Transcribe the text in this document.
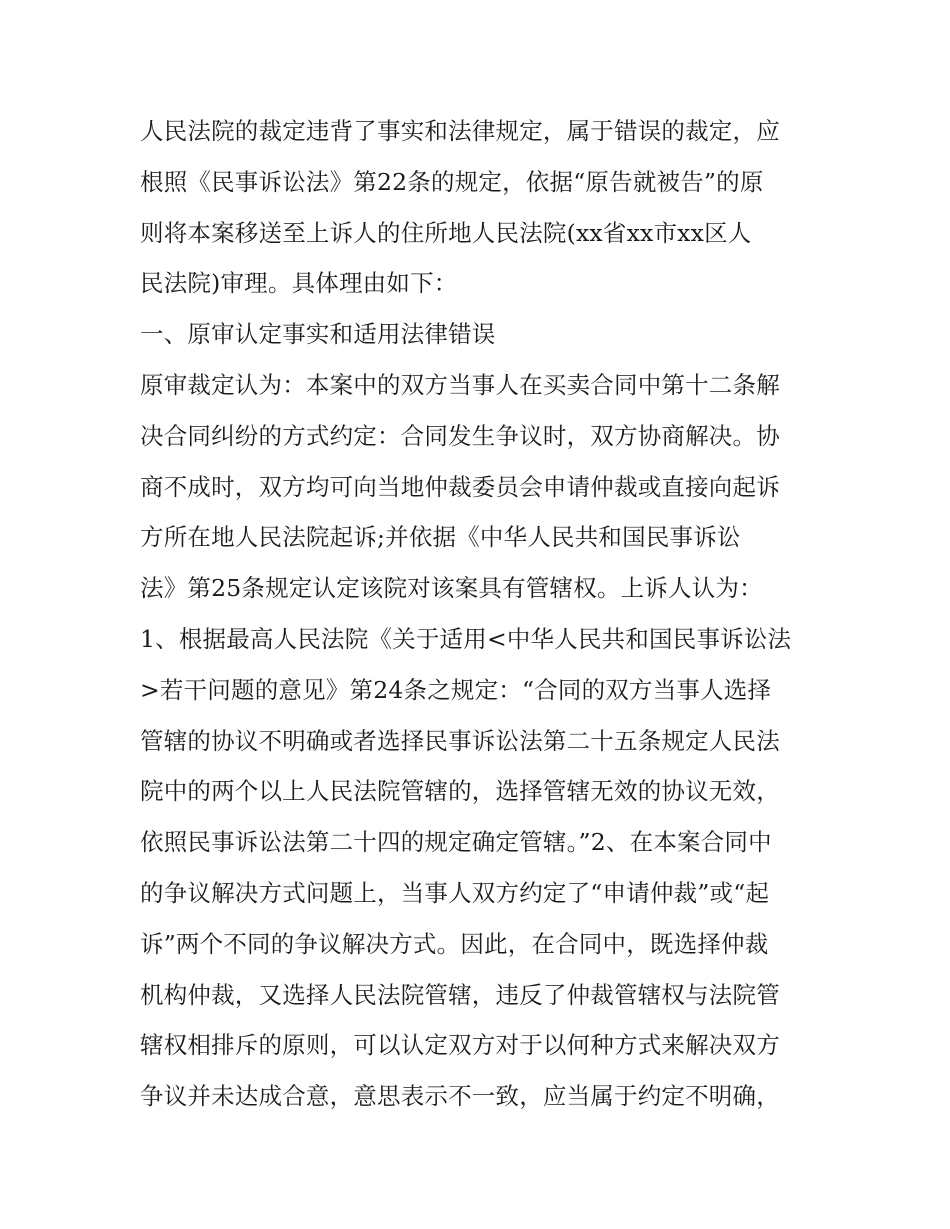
人民法院的裁定违背了事实和法律规定，属于错误的裁定，应
根照《民事诉讼法》第22条的规定，依据“原告就被告”的原
则将本案移送至上诉人的住所地人民法院(xx省xx市xx区人
民法院)审理。具体理由如下：
一、原审认定事实和适用法律错误
原审裁定认为：本案中的双方当事人在买卖合同中第十二条解
决合同纠纷的方式约定：合同发生争议时，双方协商解决。协
商不成时，双方均可向当地仲裁委员会申请仲裁或直接向起诉
方所在地人民法院起诉;并依据《中华人民共和国民事诉讼
法》第25条规定认定该院对该案具有管辖权。上诉人认为：
1、根据最高人民法院《关于适用<中华人民共和国民事诉讼法
>若干问题的意见》第24条之规定：“合同的双方当事人选择
管辖的协议不明确或者选择民事诉讼法第二十五条规定人民法
院中的两个以上人民法院管辖的，选择管辖无效的协议无效，
依照民事诉讼法第二十四的规定确定管辖。”2、在本案合同中
的争议解决方式问题上，当事人双方约定了“申请仲裁”或“起
诉”两个不同的争议解决方式。因此，在合同中，既选择仲裁
机构仲裁，又选择人民法院管辖，违反了仲裁管辖权与法院管
辖权相排斥的原则，可以认定双方对于以何种方式来解决双方
争议并未达成合意，意思表示不一致，应当属于约定不明确，
